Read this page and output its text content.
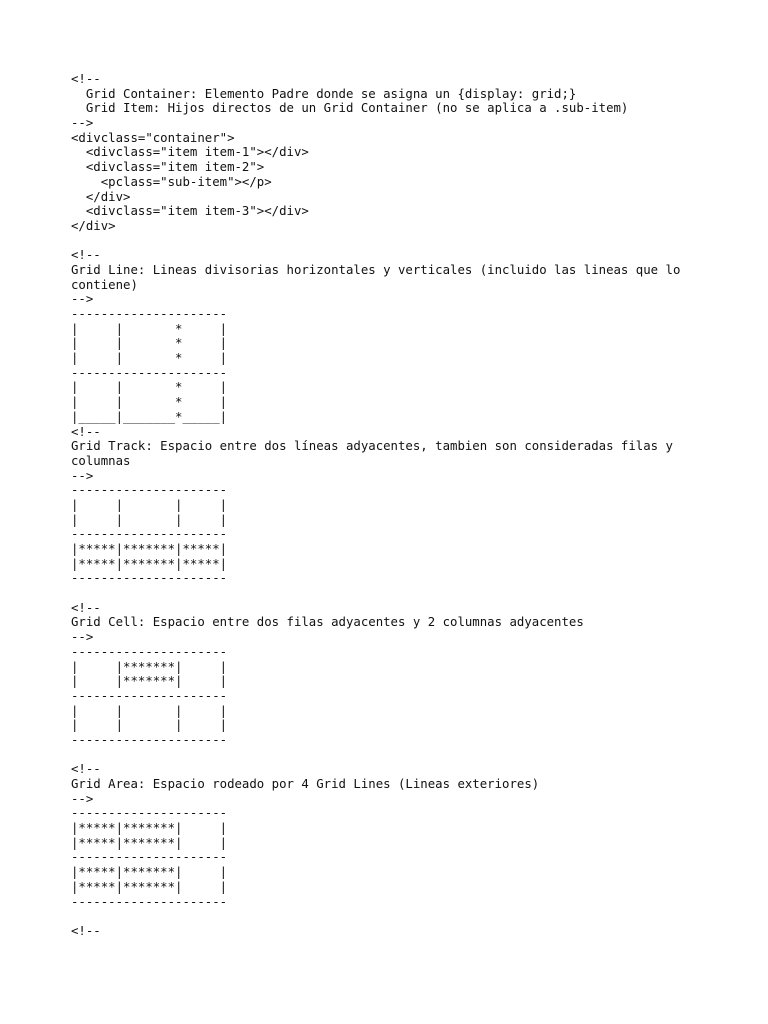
<!--
Grid Container: Elemento Padre donde se asigna un {display: grid;}
Grid Item: Hijos directos de un Grid Container (no se aplica a .sub-item)
-->
<divclass="container">
<divclass="item item-1"></div>
<divclass="item item-2">
<pclass="sub-item"></p>
</div>
<divclass="item item-3"></div>
</div>
<!--
Grid Line: Lineas divisorias horizontales y verticales (incluido las lineas que lo
contiene)
-->
---------------------
|     |       *     |
|     |       *     |
|     |       *     |
---------------------
|     |       *     |
|     |       *     |
|_____|_______*_____|
<!--
Grid Track: Espacio entre dos líneas adyacentes, tambien son consideradas filas y
columnas
-->
---------------------
|     |       |     |
|     |       |     |
---------------------
|*****|*******|*****|
|*****|*******|*****|
---------------------
<!--
Grid Cell: Espacio entre dos filas adyacentes y 2 columnas adyacentes
-->
---------------------
|     |*******|     |
|     |*******|     |
---------------------
|     |       |     |
|     |       |     |
---------------------
<!--
Grid Area: Espacio rodeado por 4 Grid Lines (Lineas exteriores)
-->
---------------------
|*****|*******|     |
|*****|*******|     |
---------------------
|*****|*******|     |
|*****|*******|     |
---------------------
<!--
